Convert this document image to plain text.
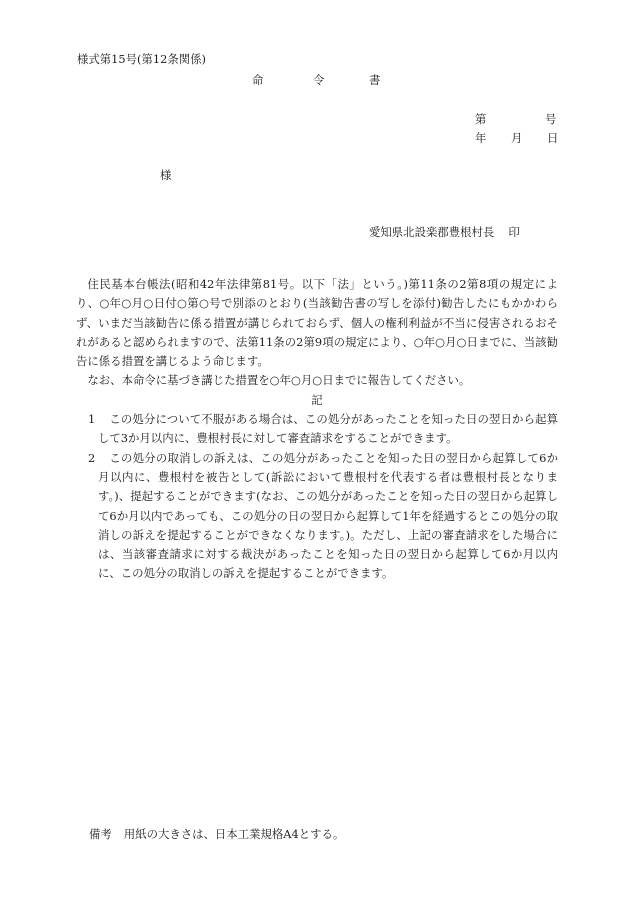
様式第15号(第12条関係)
命	令	書
第	号
年 月 日
様
愛知県北設楽郡豊根村長 印

住民基本台帳法(昭和42年法律第81号。以下「法」という。)第11条の2第8項の規定により、○年○月○日付○第○号で別添のとおり(当該勧告書の写しを添付)勧告したにもかかわらず、いまだ当該勧告に係る措置が講じられておらず、個人の権利利益が不当に侵害されるおそれがあると認められますので、法第11条の2第9項の規定により、○年○月○日までに、当該勧告に係る措置を講じるよう命じます。

なお、本命令に基づき講じた措置を○年○月○日までに報告してください。

記

1	この処分について不服がある場合は、この処分があったことを知った日の翌日から起算して3か月以内に、豊根村長に対して審査請求をすることができます。
2	この処分の取消しの訴えは、この処分があったことを知った日の翌日から起算して6か月以内に、豊根村を被告として(訴訟において豊根村を代表する者は豊根村長となります。)、提起することができます(なお、この処分があったことを知った日の翌日から起算して6か月以内であっても、この処分の日の翌日から起算して1年を経過するとこの処分の取消しの訴えを提起することができなくなります。)。ただし、上記の審査請求をした場合には、当該審査請求に対する裁決があったことを知った日の翌日から起算して6か月以内に、この処分の取消しの訴えを提起することができます。
備考 用紙の大きさは、日本工業規格A4とする。
